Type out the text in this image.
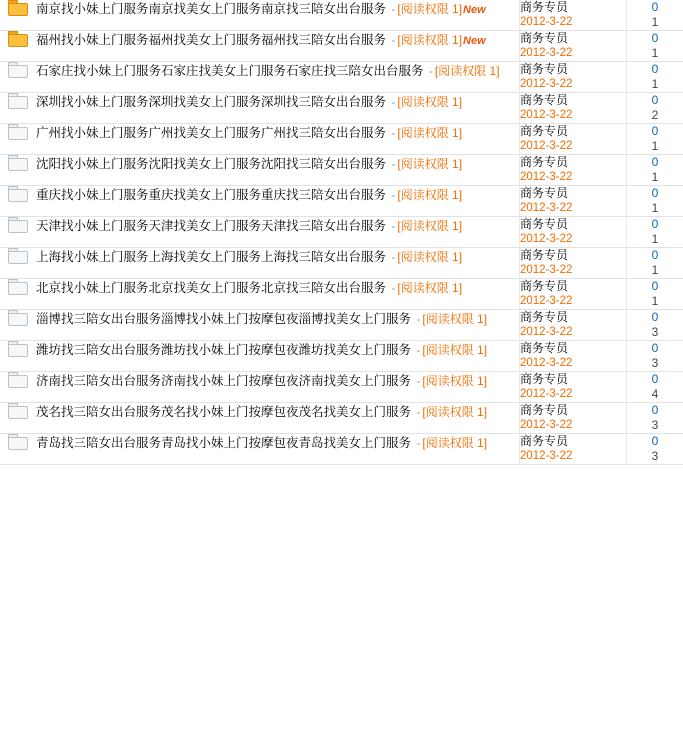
	南京找小妹上门服务南京找美女上门服务南京找三陪女出台服务 - [阅读权限 1]New	商务专员
2012-3-22	0
1

	福州找小妹上门服务福州找美女上门服务福州找三陪女出台服务 - [阅读权限 1]New	商务专员
2012-3-22	0
1

	石家庄找小妹上门服务石家庄找美女上门服务石家庄找三陪女出台服务 - [阅读权限 1]	商务专员
2012-3-22	0
1

	深圳找小妹上门服务深圳找美女上门服务深圳找三陪女出台服务 - [阅读权限 1]	商务专员
2012-3-22	0
2

	广州找小妹上门服务广州找美女上门服务广州找三陪女出台服务 - [阅读权限 1]	商务专员
2012-3-22	0
1

	沈阳找小妹上门服务沈阳找美女上门服务沈阳找三陪女出台服务 - [阅读权限 1]	商务专员
2012-3-22	0
1

	重庆找小妹上门服务重庆找美女上门服务重庆找三陪女出台服务 - [阅读权限 1]	商务专员
2012-3-22	0
1

	天津找小妹上门服务天津找美女上门服务天津找三陪女出台服务 - [阅读权限 1]	商务专员
2012-3-22	0
1

	上海找小妹上门服务上海找美女上门服务上海找三陪女出台服务 - [阅读权限 1]	商务专员
2012-3-22	0
1

	北京找小妹上门服务北京找美女上门服务北京找三陪女出台服务 - [阅读权限 1]	商务专员
2012-3-22	0
1

	淄博找三陪女出台服务淄博找小妹上门按摩包夜淄博找美女上门服务 - [阅读权限 1]	商务专员
2012-3-22	0
3

	潍坊找三陪女出台服务潍坊找小妹上门按摩包夜潍坊找美女上门服务 - [阅读权限 1]	商务专员
2012-3-22	0
3

	济南找三陪女出台服务济南找小妹上门按摩包夜济南找美女上门服务 - [阅读权限 1]	商务专员
2012-3-22	0
4

	茂名找三陪女出台服务茂名找小妹上门按摩包夜茂名找美女上门服务 - [阅读权限 1]	商务专员
2012-3-22	0
3

	青岛找三陪女出台服务青岛找小妹上门按摩包夜青岛找美女上门服务 - [阅读权限 1]	商务专员
2012-3-22	0
3
